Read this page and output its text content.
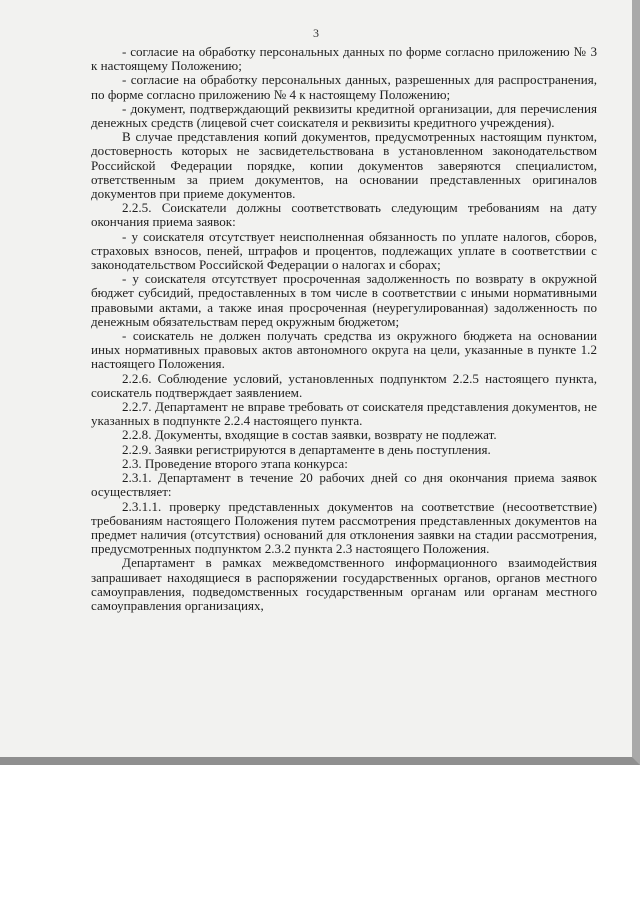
3

- согласие на обработку персональных данных по форме согласно приложению № 3 к настоящему Положению;

- согласие на обработку персональных данных, разрешенных для распространения, по форме согласно приложению № 4 к настоящему Положению;

- документ, подтверждающий реквизиты кредитной организации, для перечисления денежных средств (лицевой счет соискателя и реквизиты кредитного учреждения).

В случае представления копий документов, предусмотренных настоящим пунктом, достоверность которых не засвидетельствована в установленном законодательством Российской Федерации порядке, копии документов заверяются специалистом, ответственным за прием документов, на основании представленных оригиналов документов при приеме документов.

2.2.5. Соискатели должны соответствовать следующим требованиям на дату окончания приема заявок:

- у соискателя отсутствует неисполненная обязанность по уплате налогов, сборов, страховых взносов, пеней, штрафов и процентов, подлежащих уплате в соответствии с законодательством Российской Федерации о налогах и сборах;

- у соискателя отсутствует просроченная задолженность по возврату в окружной бюджет субсидий, предоставленных в том числе в соответствии с иными нормативными правовыми актами, а также иная просроченная (неурегулированная) задолженность по денежным обязательствам перед окружным бюджетом;

- соискатель не должен получать средства из окружного бюджета на основании иных нормативных правовых актов автономного округа на цели, указанные в пункте 1.2 настоящего Положения.

2.2.6. Соблюдение условий, установленных подпунктом 2.2.5 настоящего пункта, соискатель подтверждает заявлением.

2.2.7. Департамент не вправе требовать от соискателя представления документов, не указанных в подпункте 2.2.4 настоящего пункта.

2.2.8. Документы, входящие в состав заявки, возврату не подлежат.

2.2.9. Заявки регистрируются в департаменте в день поступления.

2.3. Проведение второго этапа конкурса:

2.3.1. Департамент в течение 20 рабочих дней со дня окончания приема заявок осуществляет:

2.3.1.1. проверку представленных документов на соответствие (несоответствие) требованиям настоящего Положения путем рассмотрения представленных документов на предмет наличия (отсутствия) оснований для отклонения заявки на стадии рассмотрения, предусмотренных подпунктом 2.3.2 пункта 2.3 настоящего Положения.

Департамент в рамках межведомственного информационного взаимодействия запрашивает находящиеся в распоряжении государственных органов, органов местного самоуправления, подведомственных государственным органам или органам местного самоуправления организациях,
